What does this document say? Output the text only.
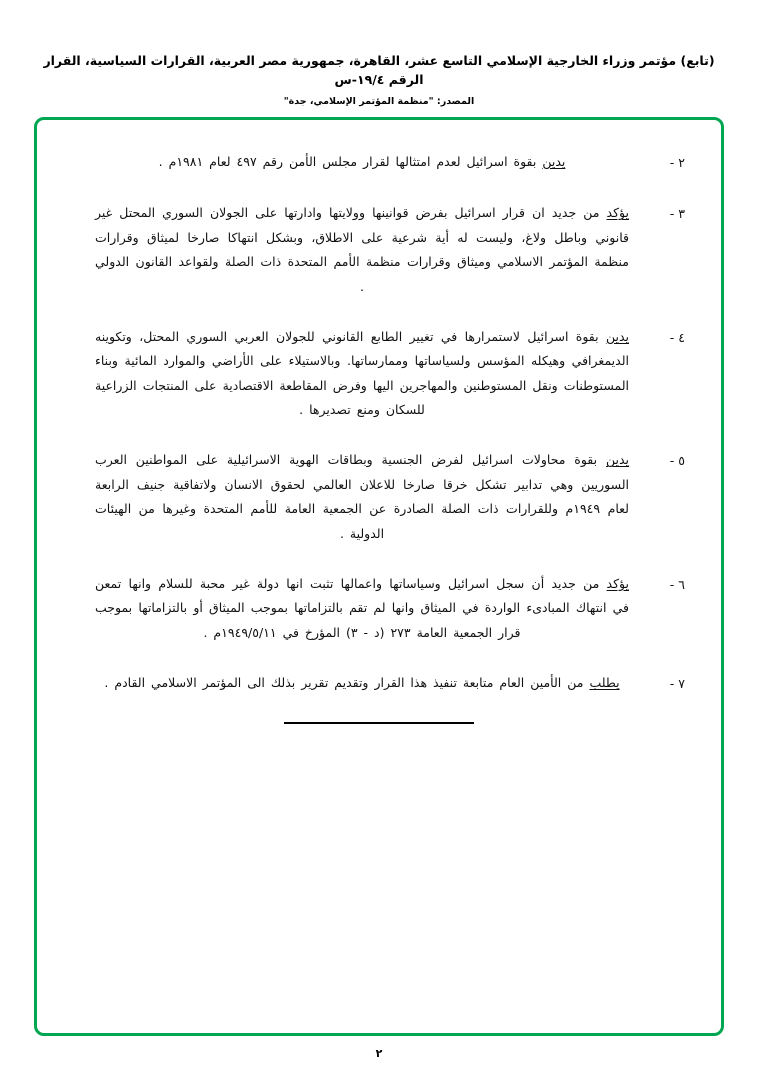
(تابع) مؤتمر وزراء الخارجية الإسلامي التاسع عشر، القاهرة، جمهورية مصر العربية، القرارات السياسية، القرار الرقم ١٩/٤-س
المصدر: "منظمة المؤتمر الإسلامي، جدة"
٢ -
يدين بقوة اسرائيل لعدم امتثالها لقرار مجلس الأمن رقم ٤٩٧ لعام ١٩٨١م .
٣ -
يؤكد من جديد ان قرار اسرائيل بفرض قوانينها وولايتها وادارتها على الجولان السوري المحتل غير قانوني وباطل ولاغ، وليست له أية شرعية على الاطلاق، وبشكل انتهاكا صارخا لميثاق وقرارات منظمة المؤتمر الاسلامي وميثاق وقرارات منظمة الأمم المتحدة ذات الصلة ولقواعد القانون الدولي .
٤ -
يدين بقوة اسرائيل لاستمرارها في تغيير الطابع القانوني للجولان العربي السوري المحتل، وتكوينه الديمغرافي وهيكله المؤسس ولسياساتها وممارساتها. وبالاستيلاء على الأراضي والموارد المائية وبناء المستوطنات ونقل المستوطنين والمهاجرين اليها وفرض المقاطعة الاقتصادية على المنتجات الزراعية للسكان ومنع تصديرها .
٥ -
يدين بقوة محاولات اسرائيل لفرض الجنسية وبطاقات الهوية الاسرائيلية على المواطنين العرب السوريين وهي تدابير تشكل خرقا صارخا للاعلان العالمي لحقوق الانسان ولاتفاقية جنيف الرابعة لعام ١٩٤٩م وللقرارات ذات الصلة الصادرة عن الجمعية العامة للأمم المتحدة وغيرها من الهيئات الدولية .
٦ -
يؤكد من جديد أن سجل اسرائيل وسياساتها واعمالها تثبت انها دولة غير محبة للسلام وانها تمعن في انتهاك المبادىء الواردة في الميثاق وانها لم تقم بالتزاماتها بموجب الميثاق أو بالتزاماتها بموجب قرار الجمعية العامة ٢٧٣ (د - ٣) المؤرخ في ١٩٤٩/٥/١١م .
٧ -
يطلب من الأمين العام متابعة تنفيذ هذا القرار وتقديم تقرير بذلك الى المؤتمر الاسلامي القادم .
٢
